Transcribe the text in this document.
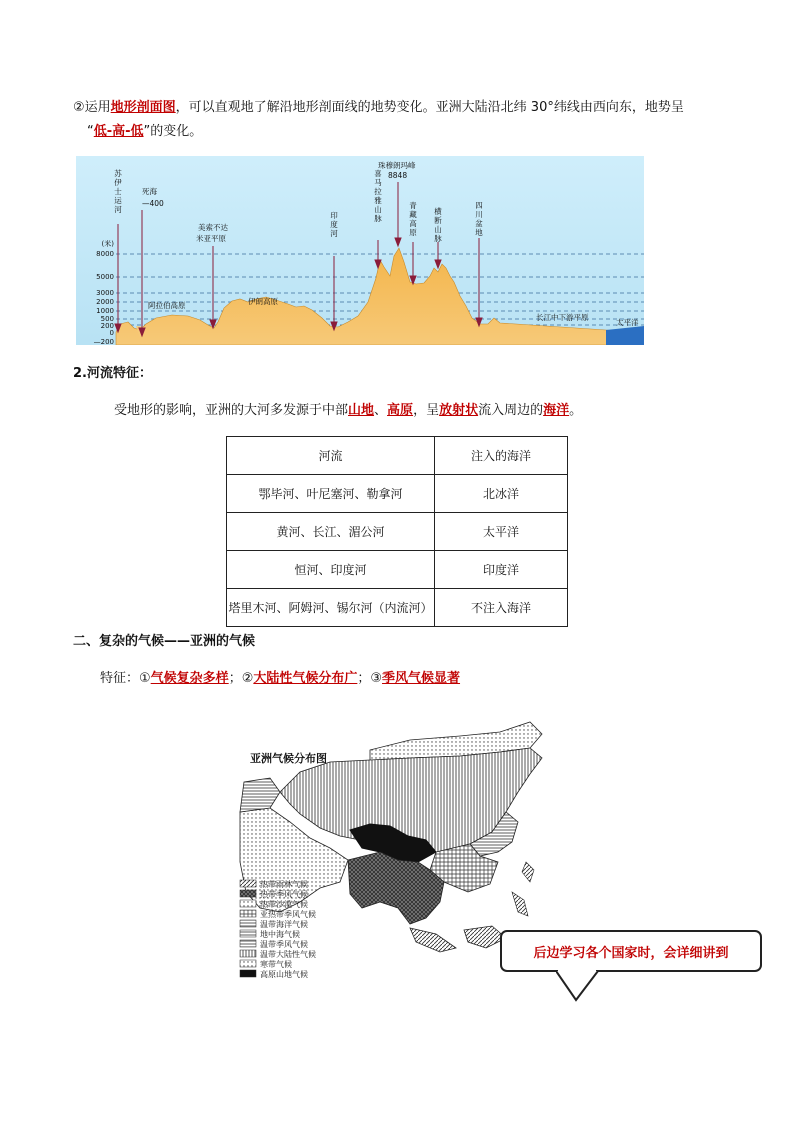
②运用地形剖面图，可以直观地了解沿地形剖面线的地势变化。亚洲大陆沿北纬 30°纬线由西向东，地势呈
“低-高-低”的变化。
(米)
8000
5000
3000
2000
1000
500
200
0
—200
苏伊士运河
印度河
喜马拉雅山脉
青藏高原
横断山脉
四川盆地
死海
—400
阿拉伯高原
美索不达
米亚平原
伊朗高原
珠穆朗玛峰
8848
长江中下游平原
太平洋
2.河流特征：
受地形的影响，亚洲的大河多发源于中部山地、高原，呈放射状流入周边的海洋。
河流	注入的海洋
鄂毕河、叶尼塞河、勒拿河	北冰洋
黄河、长江、湄公河	太平洋
恒河、印度河	印度洋
塔里木河、阿姆河、锡尔河（内流河）	不注入海洋
二、复杂的气候——亚洲的气候
特征：①气候复杂多样；②大陆性气候分布广；③季风气候显著
亚洲气候分布图
热带雨林气候
热带季风气候
热带沙漠气候
亚热带季风气候
温带海洋气候
地中海气候
温带季风气候
温带大陆性气候
寒带气候
高原山地气候
后边学习各个国家时，会详细讲到
